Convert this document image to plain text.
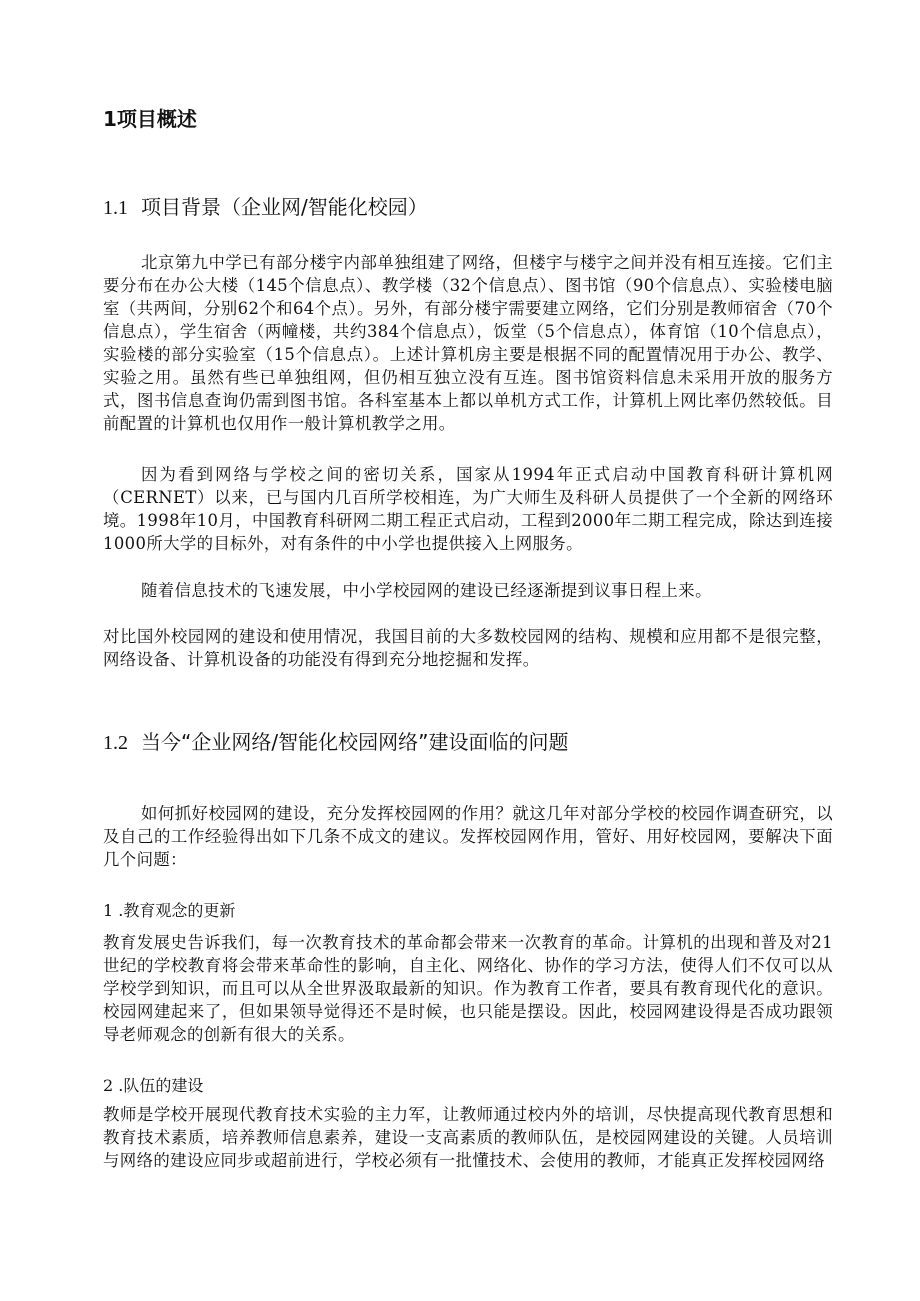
1项目概述
1.1 项目背景（企业网/智能化校园）
北京第九中学已有部分楼宇内部单独组建了网络，但楼宇与楼宇之间并没有相互连接。它们主要分布在办公大楼（145个信息点）、教学楼（32个信息点）、图书馆（90个信息点）、实验楼电脑室（共两间，分别62个和64个点）。另外，有部分楼宇需要建立网络，它们分别是教师宿舍（70个信息点），学生宿舍（两幢楼，共约384个信息点），饭堂（5个信息点），体育馆（10个信息点），实验楼的部分实验室（15个信息点）。上述计算机房主要是根据不同的配置情况用于办公、教学、实验之用。虽然有些已单独组网，但仍相互独立没有互连。图书馆资料信息未采用开放的服务方式，图书信息查询仍需到图书馆。各科室基本上都以单机方式工作，计算机上网比率仍然较低。目前配置的计算机也仅用作一般计算机教学之用。
因为看到网络与学校之间的密切关系，国家从1994年正式启动中国教育科研计算机网（CERNET）以来，已与国内几百所学校相连，为广大师生及科研人员提供了一个全新的网络环境。1998年10月，中国教育科研网二期工程正式启动，工程到2000年二期工程完成，除达到连接1000所大学的目标外，对有条件的中小学也提供接入上网服务。
随着信息技术的飞速发展，中小学校园网的建设已经逐渐提到议事日程上来。
对比国外校园网的建设和使用情况，我国目前的大多数校园网的结构、规模和应用都不是很完整，网络设备、计算机设备的功能没有得到充分地挖掘和发挥。
1.2 当今“企业网络/智能化校园网络”建设面临的问题
如何抓好校园网的建设，充分发挥校园网的作用？就这几年对部分学校的校园作调查研究，以及自己的工作经验得出如下几条不成文的建议。发挥校园网作用，管好、用好校园网，要解决下面几个问题：
1 .教育观念的更新
教育发展史告诉我们，每一次教育技术的革命都会带来一次教育的革命。计算机的出现和普及对21世纪的学校教育将会带来革命性的影响，自主化、网络化、协作的学习方法，使得人们不仅可以从学校学到知识，而且可以从全世界汲取最新的知识。作为教育工作者，要具有教育现代化的意识。校园网建起来了，但如果领导觉得还不是时候，也只能是摆设。因此，校园网建设得是否成功跟领导老师观念的创新有很大的关系。
2 .队伍的建设
教师是学校开展现代教育技术实验的主力军，让教师通过校内外的培训，尽快提高现代教育思想和教育技术素质，培养教师信息素养，建设一支高素质的教师队伍，是校园网建设的关键。人员培训与网络的建设应同步或超前进行，学校必须有一批懂技术、会使用的教师，才能真正发挥校园网络
